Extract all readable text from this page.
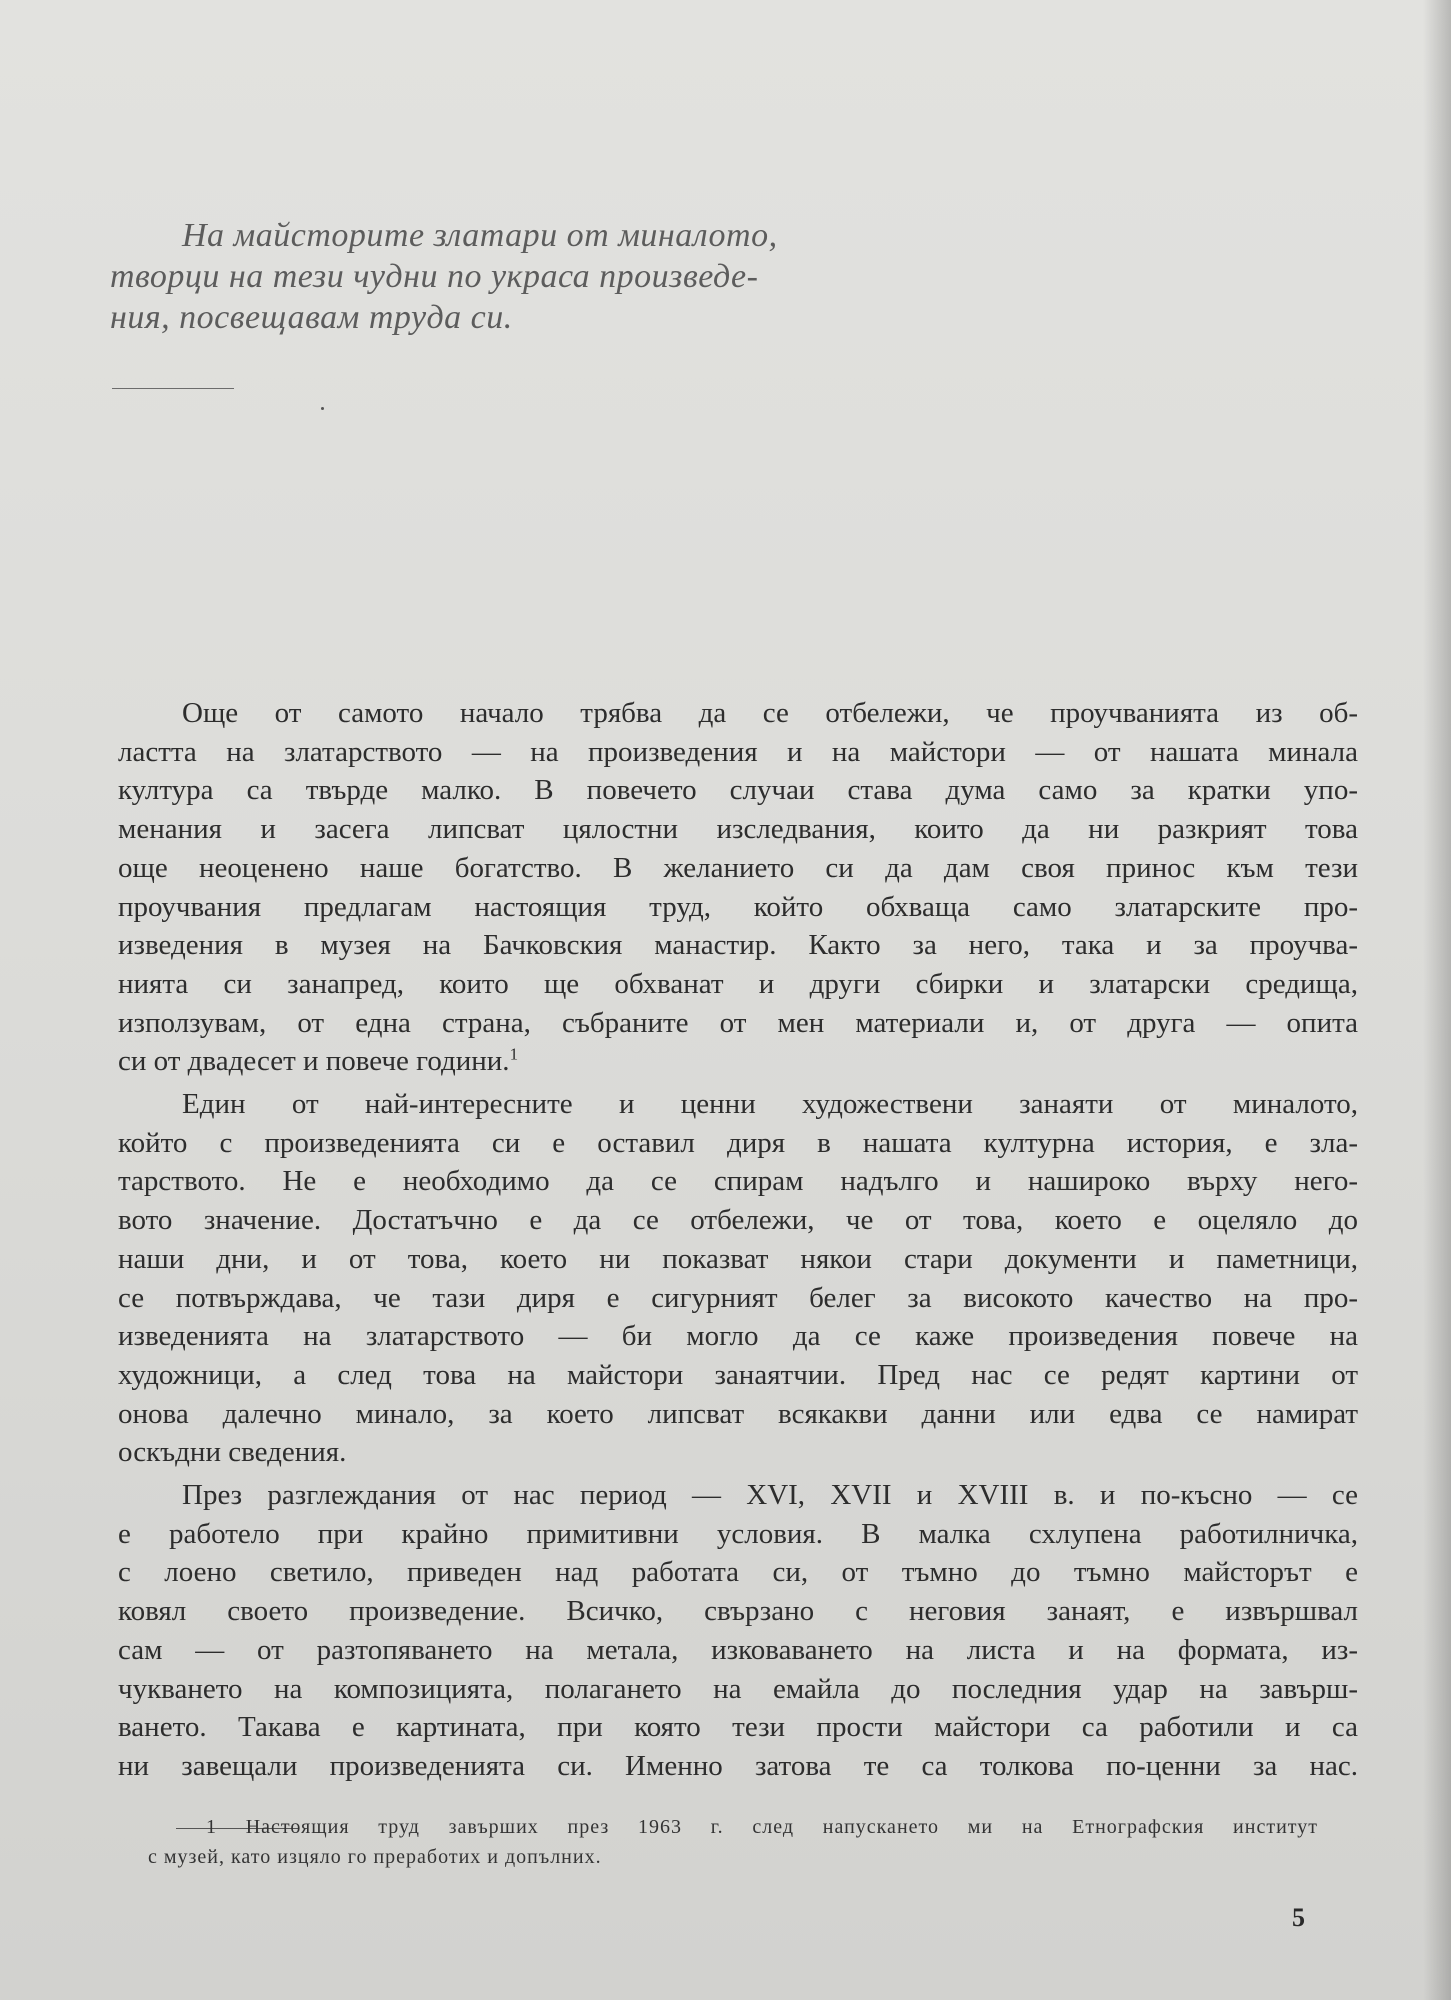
На майсторите златари от миналото,
творци на тези чудни по украса произведе-
ния, посвещавам труда си.
Още от самото начало трябва да се отбележи, че проучванията из об-
ластта на златарството — на произведения и на майстори — от нашата минала
култура са твърде малко. В повечето случаи става дума само за кратки упо-
менания и засега липсват цялостни изследвания, които да ни разкрият това
още неоценено наше богатство. В желанието си да дам своя принос към тези
проучвания предлагам настоящия труд, който обхваща само златарските про-
изведения в музея на Бачковския манастир. Както за него, така и за проучва-
нията си занапред, които ще обхванат и други сбирки и златарски средища,
използувам, от една страна, събраните от мен материали и, от друга — опита
си от двадесет и повече години.$^1$
Един от най-интересните и ценни художествени занаяти от миналото,
който с произведенията си е оставил диря в нашата културна история, е зла-
тарството. Не е необходимо да се спирам надълго и нашироко върху него-
вото значение. Достатъчно е да се отбележи, че от това, което е оцеляло до
наши дни, и от това, което ни показват някои стари документи и паметници,
се потвърждава, че тази диря е сигурният белег за високото качество на про-
изведенията на златарството — би могло да се каже произведения повече на
художници, а след това на майстори занаятчии. Пред нас се редят картини от
онова далечно минало, за което липсват всякакви данни или едва се намират
оскъдни сведения.
През разглеждания от нас период — XVI, XVII и XVIII в. и по-късно — се
е работело при крайно примитивни условия. В малка схлупена работилничка,
с лоено светило, приведен над работата си, от тъмно до тъмно майсторът е
ковял своето произведение. Всичко, свързано с неговия занаят, е извършвал
сам — от разтопяването на метала, изковаването на листа и на формата, из-
чукването на композицията, полагането на емайла до последния удар на завърш-
ването. Такава е картината, при която тези прости майстори са работили и са
ни завещали произведенията си. Именно затова те са толкова по-ценни за нас.
1 Настоящия труд завърших през 1963 г. след напускането ми на Етнографския институт
с музей, като изцяло го преработих и допълних.
5
